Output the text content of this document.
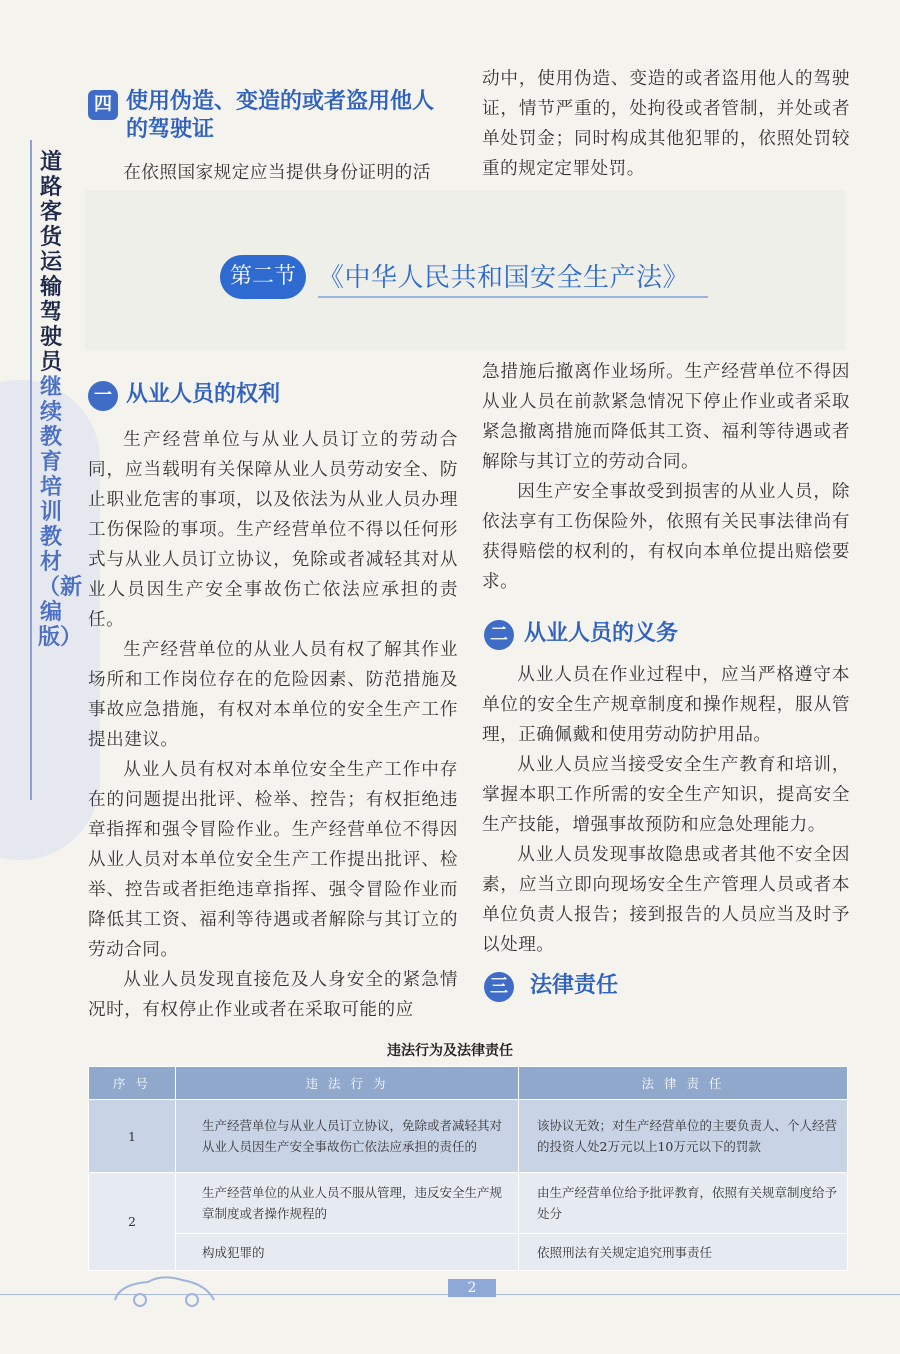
道路客货运输驾驶员
继续教育培训教材
（新编版）
四 使用伪造、变造的或者盗用他人
的驾驶证

在依照国家规定应当提供身份证明的活

动中，使用伪造、变造的或者盗用他人的驾驶证，情节严重的，处拘役或者管制，并处或者单处罚金；同时构成其他犯罪的，依照处罚较重的规定定罪处罚。

第二节 《中华人民共和国安全生产法》
一 从业人员的权利

生产经营单位与从业人员订立的劳动合同，应当载明有关保障从业人员劳动安全、防止职业危害的事项，以及依法为从业人员办理工伤保险的事项。生产经营单位不得以任何形式与从业人员订立协议，免除或者减轻其对从业人员因生产安全事故伤亡依法应承担的责任。

生产经营单位的从业人员有权了解其作业场所和工作岗位存在的危险因素、防范措施及事故应急措施，有权对本单位的安全生产工作提出建议。

从业人员有权对本单位安全生产工作中存在的问题提出批评、检举、控告；有权拒绝违章指挥和强令冒险作业。生产经营单位不得因从业人员对本单位安全生产工作提出批评、检举、控告或者拒绝违章指挥、强令冒险作业而降低其工资、福利等待遇或者解除与其订立的劳动合同。

从业人员发现直接危及人身安全的紧急情况时，有权停止作业或者在采取可能的应

急措施后撤离作业场所。生产经营单位不得因从业人员在前款紧急情况下停止作业或者采取紧急撤离措施而降低其工资、福利等待遇或者解除与其订立的劳动合同。

因生产安全事故受到损害的从业人员，除依法享有工伤保险外，依照有关民事法律尚有获得赔偿的权利的，有权向本单位提出赔偿要求。

二 从业人员的义务

从业人员在作业过程中，应当严格遵守本单位的安全生产规章制度和操作规程，服从管理，正确佩戴和使用劳动防护用品。

从业人员应当接受安全生产教育和培训，掌握本职工作所需的安全生产知识，提高安全生产技能，增强事故预防和应急处理能力。

从业人员发现事故隐患或者其他不安全因素，应当立即向现场安全生产管理人员或者本单位负责人报告；接到报告的人员应当及时予以处理。

三 法律责任
违法行为及法律责任
序 号	违 法 行 为	法 律 责 任
1	生产经营单位与从业人员订立协议，免除或者减轻其对从业人员因生产安全事故伤亡依法应承担的责任的	该协议无效；对生产经营单位的主要负责人、个人经营的投资人处2万元以上10万元以下的罚款
2	生产经营单位的从业人员不服从管理，违反安全生产规章制度或者操作规程的	由生产经营单位给予批评教育，依照有关规章制度给予处分
	构成犯罪的	依照刑法有关规定追究刑事责任
2
